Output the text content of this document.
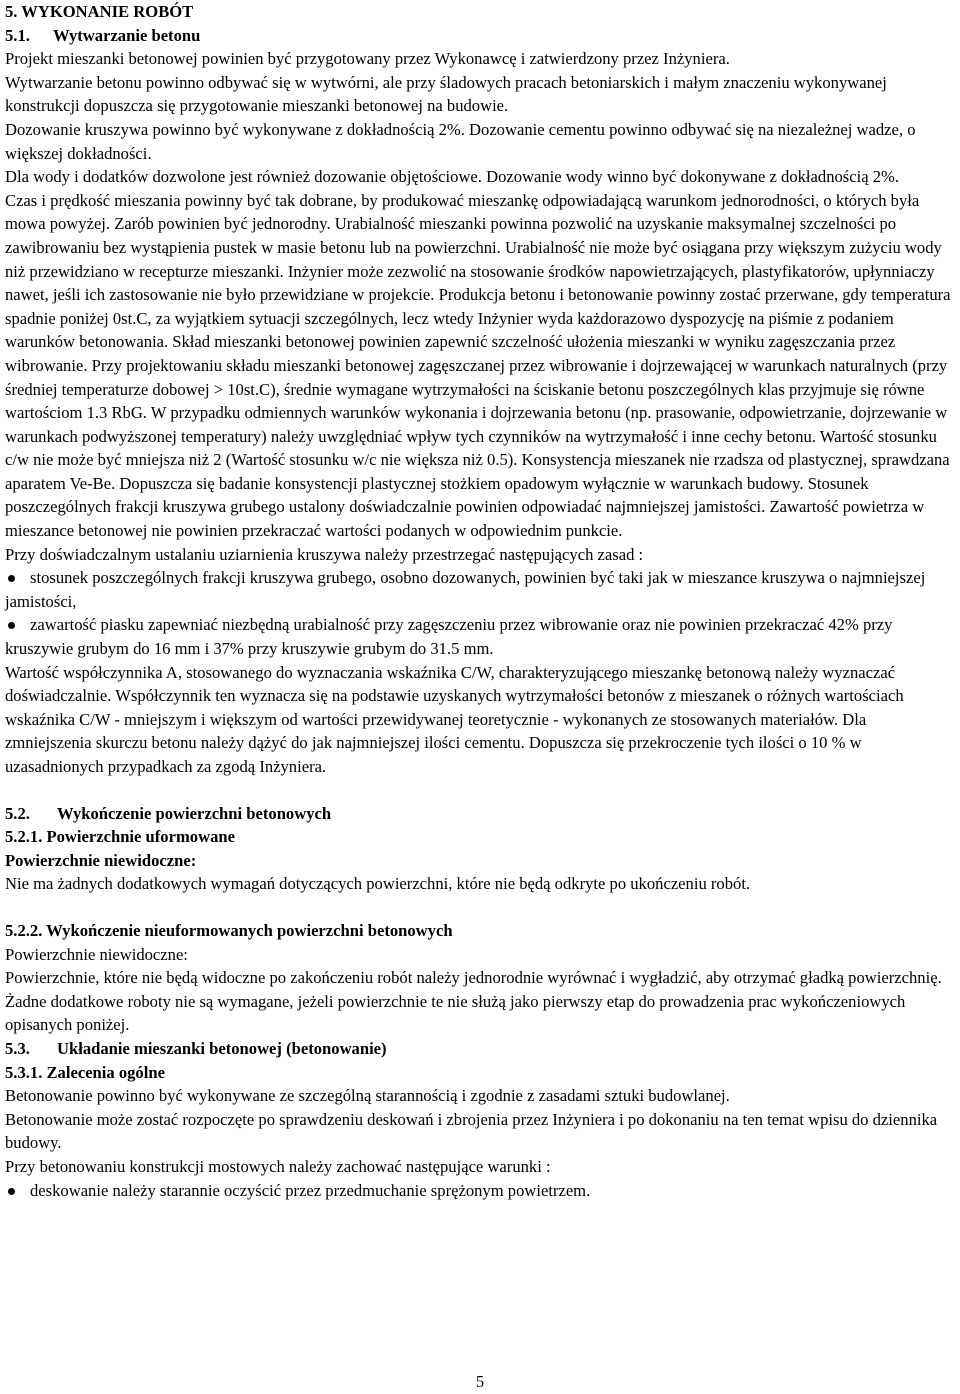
5. WYKONANIE ROBÓT
5.1.	Wytwarzanie betonu

Projekt mieszanki betonowej powinien być przygotowany przez Wykonawcę i zatwierdzony przez Inżyniera.

Wytwarzanie betonu powinno odbywać się w wytwórni, ale przy śladowych pracach betoniarskich i małym znaczeniu wykonywanej konstrukcji dopuszcza się przygotowanie mieszanki betonowej na budowie.

Dozowanie kruszywa powinno być wykonywane z dokładnością 2%. Dozowanie cementu powinno odbywać się na niezależnej wadze, o większej dokładności.

Dla wody i dodatków dozwolone jest również dozowanie objętościowe. Dozowanie wody winno być dokonywane z dokładnością 2%.

Czas i prędkość mieszania powinny być tak dobrane, by produkować mieszankę odpowiadającą warunkom jednorodności, o których była mowa powyżej. Zarób powinien być jednorodny. Urabialność mieszanki powinna pozwolić na uzyskanie maksymalnej szczelności po zawibrowaniu bez wystąpienia pustek w masie betonu lub na powierzchni. Urabialność nie może być osiągana przy większym zużyciu wody niż przewidziano w recepturze mieszanki. Inżynier może zezwolić na stosowanie środków napowietrzających, plastyfikatorów, upłynniaczy nawet, jeśli ich zastosowanie nie było przewidziane w projekcie. Produkcja betonu i betonowanie powinny zostać przerwane, gdy temperatura spadnie poniżej 0st.C, za wyjątkiem sytuacji szczególnych, lecz wtedy Inżynier wyda każdorazowo dyspozycję na piśmie z podaniem warunków betonowania. Skład mieszanki betonowej powinien zapewnić szczelność ułożenia mieszanki w wyniku zagęszczania przez wibrowanie. Przy projektowaniu składu mieszanki betonowej zagęszczanej przez wibrowanie i dojrzewającej w warunkach naturalnych (przy średniej temperaturze dobowej > 10st.C), średnie wymagane wytrzymałości na ściskanie betonu poszczególnych klas przyjmuje się równe wartościom 1.3 RbG. W przypadku odmiennych warunków wykonania i dojrzewania betonu (np. prasowanie, odpowietrzanie, dojrzewanie w warunkach podwyższonej temperatury) należy uwzględniać wpływ tych czynników na wytrzymałość i inne cechy betonu. Wartość stosunku c/w nie może być mniejsza niż 2 (Wartość stosunku w/c nie większa niż 0.5). Konsystencja mieszanek nie rzadsza od plastycznej, sprawdzana aparatem Ve-Be. Dopuszcza się badanie konsystencji plastycznej stożkiem opadowym wyłącznie w warunkach budowy. Stosunek poszczególnych frakcji kruszywa grubego ustalony doświadczalnie powinien odpowiadać najmniejszej jamistości. Zawartość powietrza w mieszance betonowej nie powinien przekraczać wartości podanych w odpowiednim punkcie.

Przy doświadczalnym ustalaniu uziarnienia kruszywa należy przestrzegać następujących zasad :

stosunek poszczególnych frakcji kruszywa grubego, osobno dozowanych, powinien być taki jak w mieszance kruszywa o najmniejszej jamistości,
zawartość piasku zapewniać niezbędną urabialność przy zagęszczeniu przez wibrowanie oraz nie powinien przekraczać 42% przy kruszywie grubym do 16 mm i 37% przy kruszywie grubym do 31.5 mm.

Wartość współczynnika A, stosowanego do wyznaczania wskaźnika C/W, charakteryzującego mieszankę betonową należy wyznaczać doświadczalnie. Współczynnik ten wyznacza się na podstawie uzyskanych wytrzymałości betonów z mieszanek o różnych wartościach wskaźnika C/W - mniejszym i większym od wartości przewidywanej teoretycznie - wykonanych ze stosowanych materiałów. Dla zmniejszenia skurczu betonu należy dążyć do jak najmniejszej ilości cementu. Dopuszcza się przekroczenie tych ilości o 10 % w uzasadnionych przypadkach za zgodą Inżyniera.

5.2.	Wykończenie powierzchni betonowych
5.2.1. Powierzchnie uformowane
Powierzchnie niewidoczne:

Nie ma żadnych dodatkowych wymagań dotyczących powierzchni, które nie będą odkryte po ukończeniu robót.

5.2.2. Wykończenie nieuformowanych powierzchni betonowych

Powierzchnie niewidoczne:

Powierzchnie, które nie będą widoczne po zakończeniu robót należy jednorodnie wyrównać i wygładzić, aby otrzymać gładką powierzchnię. Żadne dodatkowe roboty nie są wymagane, jeżeli powierzchnie te nie służą jako pierwszy etap do prowadzenia prac wykończeniowych opisanych poniżej.

5.3.	Układanie mieszanki betonowej (betonowanie)
5.3.1. Zalecenia ogólne

Betonowanie powinno być wykonywane ze szczególną starannością i zgodnie z zasadami sztuki budowlanej.

Betonowanie może zostać rozpoczęte po sprawdzeniu deskowań i zbrojenia przez Inżyniera i po dokonaniu na ten temat wpisu do dziennika budowy.

Przy betonowaniu konstrukcji mostowych należy zachować następujące warunki :

deskowanie należy starannie oczyścić przez przedmuchanie sprężonym powietrzem.
5
